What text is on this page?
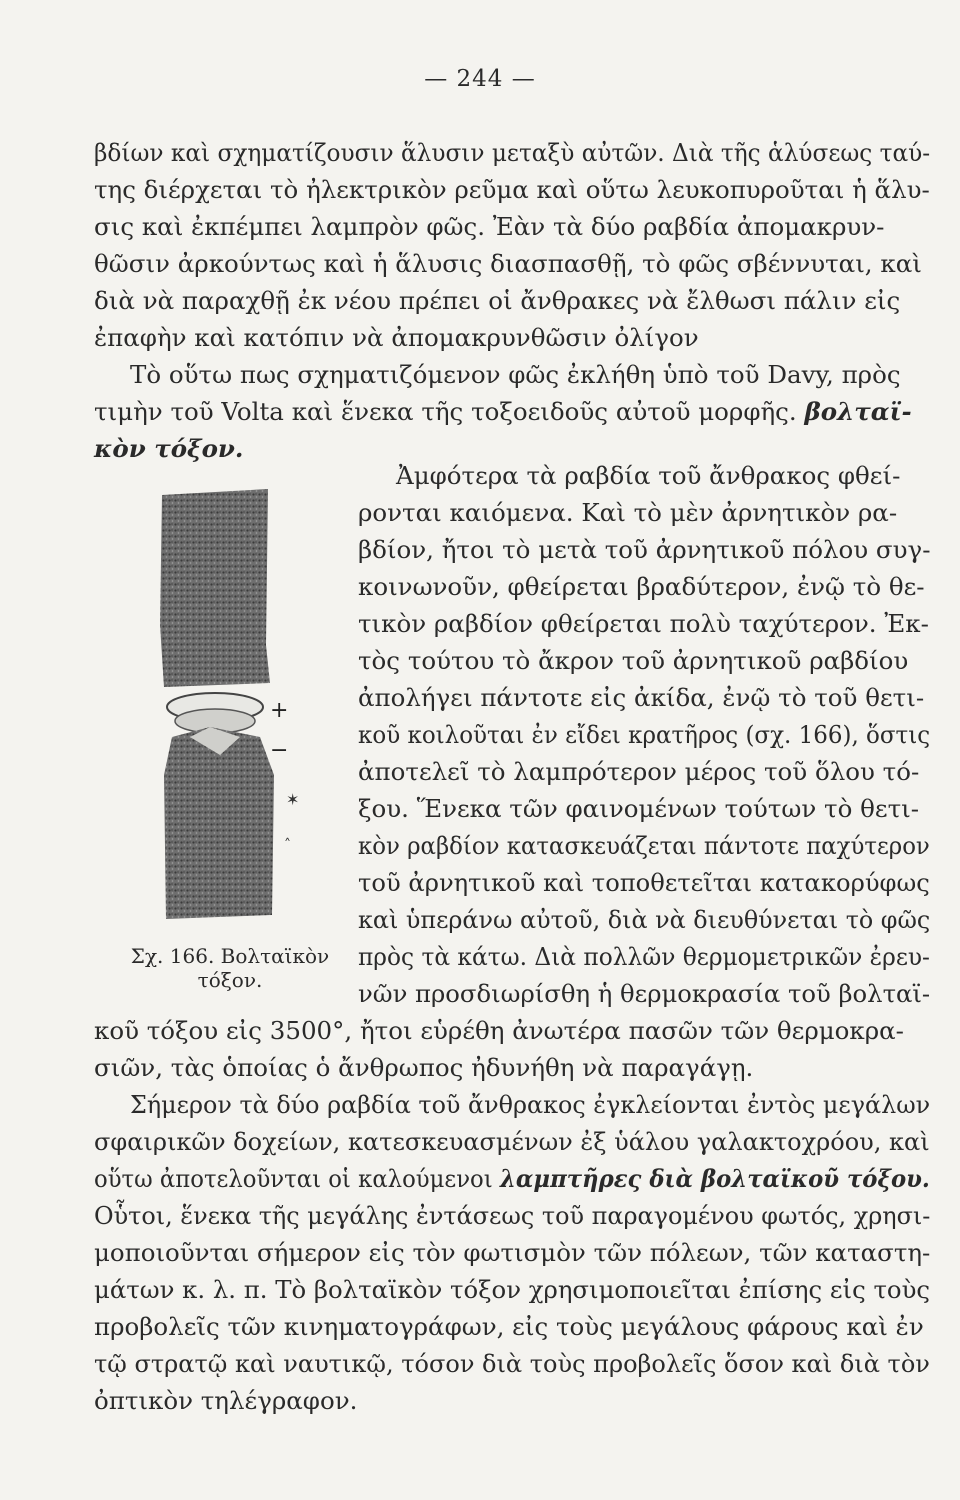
— 244 —
βδίων καὶ σχηματίζουσιν ἅλυσιν μεταξὺ αὐτῶν. Διὰ τῆς ἁλύσεως ταύ-
της διέρχεται τὸ ἠλεκτρικὸν ρεῦμα καὶ οὕτω λευκοπυροῦται ἡ ἅλυ-
σις καὶ ἐκπέμπει λαμπρὸν φῶς. Ἐὰν τὰ δύο ραβδία ἀπομακρυν-
θῶσιν ἀρκούντως καὶ ἡ ἅλυσις διασπασθῇ, τὸ φῶς σβέννυται, καὶ
διὰ νὰ παραχθῇ ἐκ νέου πρέπει οἱ ἄνθρακες νὰ ἔλθωσι πάλιν εἰς
ἐπαφὴν καὶ κατόπιν νὰ ἀπομακρυνθῶσιν ὀλίγον
Τὸ οὕτω πως σχηματιζόμενον φῶς ἐκλήθη ὑπὸ τοῦ Davy, πρὸς
τιμὴν τοῦ Volta καὶ ἕνεκα τῆς τοξοειδοῦς αὐτοῦ μορφῆς. βολταϊ-
κὸν τόξον.
+
−
✶
˄
Σχ. 166. Βολταϊκὸν τόξον.
Ἀμφότερα τὰ ραβδία τοῦ ἄνθρακος φθεί-
ρονται καιόμενα. Καὶ τὸ μὲν ἀρνητικὸν ρα-
βδίον, ἤτοι τὸ μετὰ τοῦ ἀρνητικοῦ πόλου συγ-
κοινωνοῦν, φθείρεται βραδύτερον, ἐνῷ τὸ θε-
τικὸν ραβδίον φθείρεται πολὺ ταχύτερον. Ἐκ-
τὸς τούτου τὸ ἄκρον τοῦ ἀρνητικοῦ ραβδίου
ἀπολήγει πάντοτε εἰς ἀκίδα, ἐνῷ τὸ τοῦ θετι-
κοῦ κοιλοῦται ἐν εἴδει κρατῆρος (σχ. 166), ὅστις
ἀποτελεῖ τὸ λαμπρότερον μέρος τοῦ ὅλου τό-
ξου. Ἕνεκα τῶν φαινομένων τούτων τὸ θετι-
κὸν ραβδίον κατασκευάζεται πάντοτε παχύτερον
τοῦ ἀρνητικοῦ καὶ τοποθετεῖται κατακορύφως
καὶ ὑπεράνω αὐτοῦ, διὰ νὰ διευθύνεται τὸ φῶς
πρὸς τὰ κάτω. Διὰ πολλῶν θερμομετρικῶν ἐρευ-
νῶν προσδιωρίσθη ἡ θερμοκρασία τοῦ βολταϊ-
κοῦ τόξου εἰς 3500°, ἤτοι εὑρέθη ἀνωτέρα πασῶν τῶν θερμοκρα-
σιῶν, τὰς ὁποίας ὁ ἄνθρωπος ἠδυνήθη νὰ παραγάγῃ.
Σήμερον τὰ δύο ραβδία τοῦ ἄνθρακος ἐγκλείονται ἐντὸς μεγάλων
σφαιρικῶν δοχείων, κατεσκευασμένων ἐξ ὑάλου γαλακτοχρόου, καὶ
οὕτω ἀποτελοῦνται οἱ καλούμενοι λαμπτῆρες διὰ βολταϊκοῦ τόξου.
Οὗτοι, ἕνεκα τῆς μεγάλης ἐντάσεως τοῦ παραγομένου φωτός, χρησι-
μοποιοῦνται σήμερον εἰς τὸν φωτισμὸν τῶν πόλεων, τῶν καταστη-
μάτων κ. λ. π. Τὸ βολταϊκὸν τόξον χρησιμοποιεῖται ἐπίσης εἰς τοὺς
προβολεῖς τῶν κινηματογράφων, εἰς τοὺς μεγάλους φάρους καὶ ἐν
τῷ στρατῷ καὶ ναυτικῷ, τόσον διὰ τοὺς προβολεῖς ὅσον καὶ διὰ τὸν
ὀπτικὸν τηλέγραφον.
